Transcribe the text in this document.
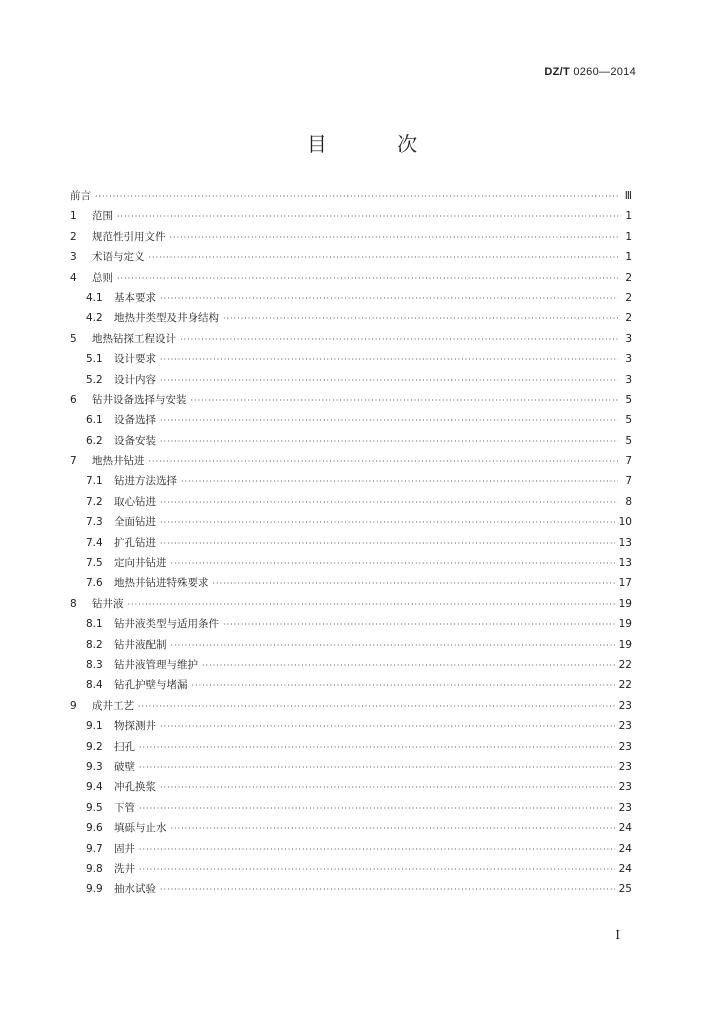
DZ/T 0260—2014
目 次
前言 ·····	Ⅲ
1	范围 ·····	1
2	规范性引用文件 ·····	1
3	术语与定义 ·····	1
4	总则 ·····	2
4.1	基本要求 ·····	2
4.2	地热井类型及井身结构 ·····	2
5	地热钻探工程设计 ·····	3
5.1	设计要求 ·····	3
5.2	设计内容 ·····	3
6	钻井设备选择与安装 ·····	5
6.1	设备选择 ·····	5
6.2	设备安装 ·····	5
7	地热井钻进 ·····	7
7.1	钻进方法选择 ·····	7
7.2	取心钻进 ·····	8
7.3	全面钻进 ·····	10
7.4	扩孔钻进 ·····	13
7.5	定向井钻进 ·····	13
7.6	地热井钻进特殊要求 ·····	17
8	钻井液 ·····	19
8.1	钻井液类型与适用条件 ·····	19
8.2	钻井液配制 ·····	19
8.3	钻井液管理与维护 ·····	22
8.4	钻孔护壁与堵漏 ·····	22
9	成井工艺 ·····	23
9.1	物探测井 ·····	23
9.2	扫孔 ·····	23
9.3	破壁 ·····	23
9.4	冲孔换浆 ·····	23
9.5	下管 ·····	23
9.6	填砾与止水 ·····	24
9.7	固井 ·····	24
9.8	洗井 ·····	24
9.9	抽水试验 ·····	25
I
